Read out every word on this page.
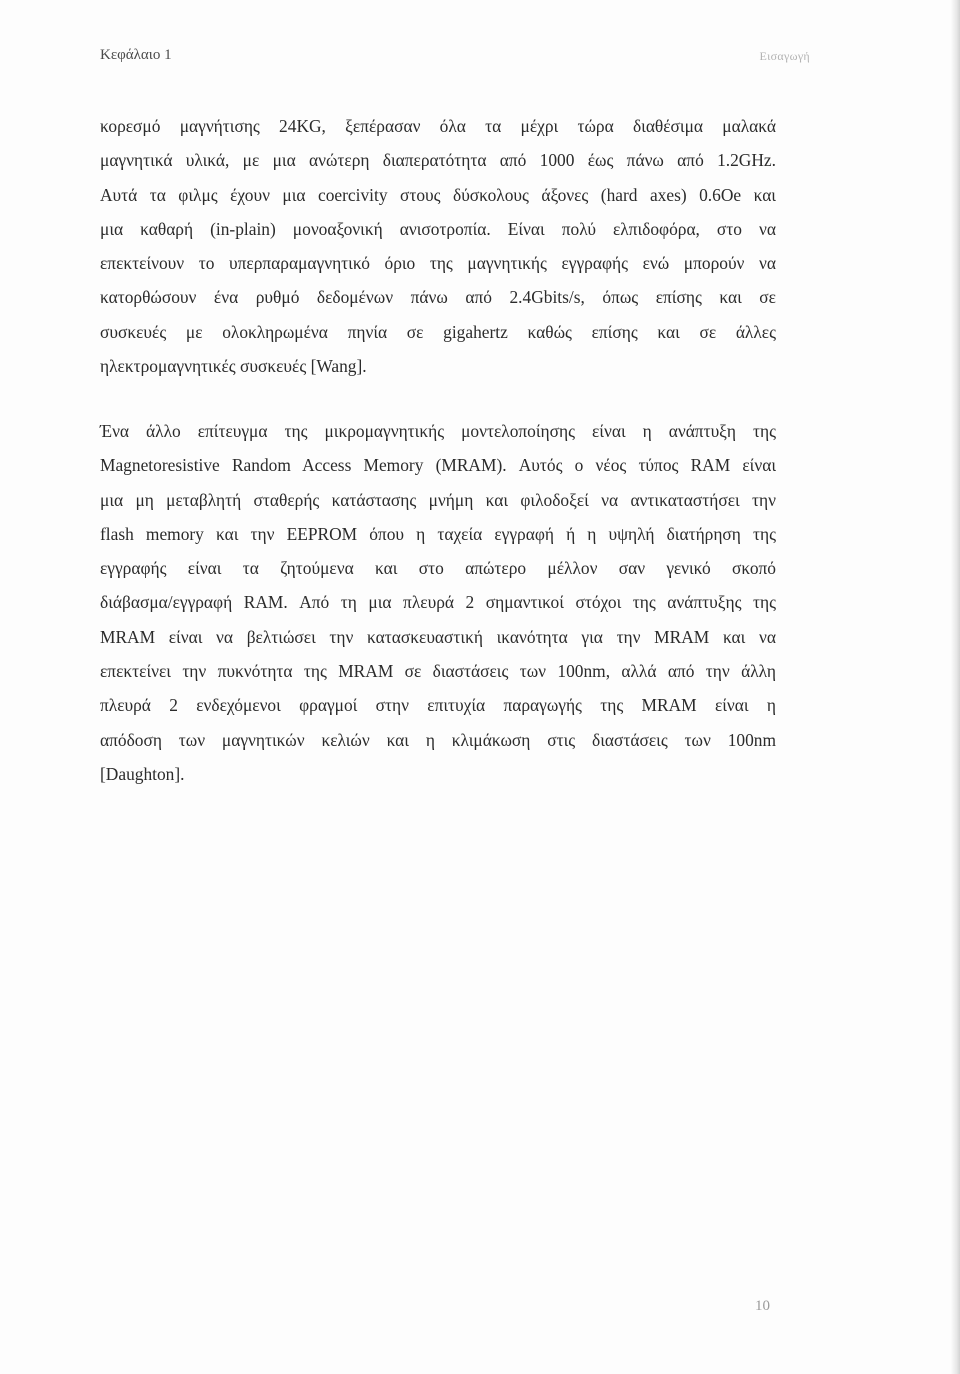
Κεφάλαιο 1	Εισαγωγή
κορεσμό μαγνήτισης 24KG, ξεπέρασαν όλα τα μέχρι τώρα διαθέσιμα μαλακά
μαγνητικά υλικά, με μια ανώτερη διαπερατότητα από 1000 έως πάνω από 1.2GHz.
Αυτά τα φιλμς έχουν μια coercivity στους δύσκολους άξονες (hard axes) 0.6Oe και
μια καθαρή (in-plain) μονοαξονική ανισοτροπία. Είναι πολύ ελπιδοφόρα, στο να
επεκτείνουν το υπερπαραμαγνητικό όριο της μαγνητικής εγγραφής ενώ μπορούν να
κατορθώσουν ένα ρυθμό δεδομένων πάνω από 2.4Gbits/s, όπως επίσης και σε
συσκευές με ολοκληρωμένα πηνία σε gigahertz καθώς επίσης και σε άλλες
ηλεκτρομαγνητικές συσκευές [Wang].
Ένα άλλο επίτευγμα της μικρομαγνητικής μοντελοποίησης είναι η ανάπτυξη της
Magnetoresistive Random Access Memory (MRAM). Αυτός ο νέος τύπος RAM είναι
μια μη μεταβλητή σταθερής κατάστασης μνήμη και φιλοδοξεί να αντικαταστήσει την
flash memory και την EEPROM όπου η ταχεία εγγραφή ή η υψηλή διατήρηση της
εγγραφής είναι τα ζητούμενα και στο απώτερο μέλλον σαν γενικό σκοπό
διάβασμα/εγγραφή RAM. Από τη μια πλευρά 2 σημαντικοί στόχοι της ανάπτυξης της
MRAM είναι να βελτιώσει την κατασκευαστική ικανότητα για την MRAM και να
επεκτείνει την πυκνότητα της MRAM σε διαστάσεις των 100nm, αλλά από την άλλη
πλευρά 2 ενδεχόμενοι φραγμοί στην επιτυχία παραγωγής της MRAM είναι η
απόδοση των μαγνητικών κελιών και η κλιμάκωση στις διαστάσεις των 100nm
[Daughton].
10
